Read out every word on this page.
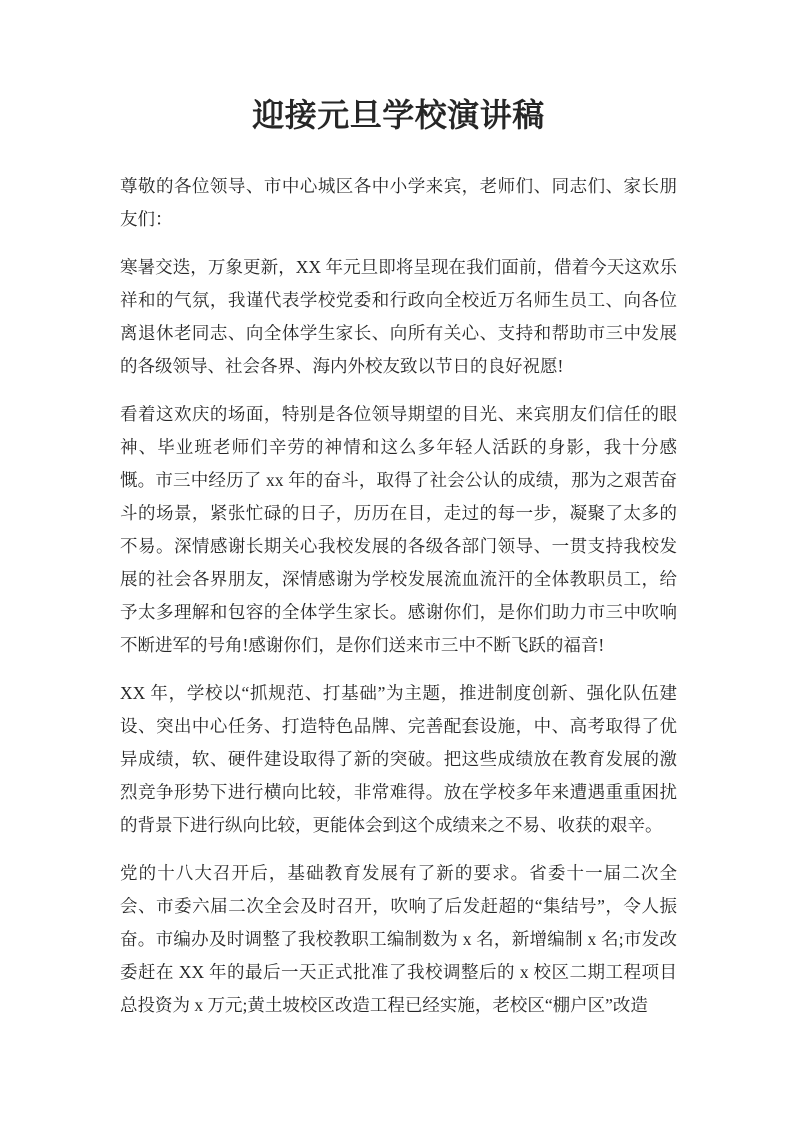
迎接元旦学校演讲稿

尊敬的各位领导、市中心城区各中小学来宾，老师们、同志们、家长朋友们：

寒暑交迭，万象更新，XX 年元旦即将呈现在我们面前，借着今天这欢乐祥和的气氛，我谨代表学校党委和行政向全校近万名师生员工、向各位离退休老同志、向全体学生家长、向所有关心、支持和帮助市三中发展的各级领导、社会各界、海内外校友致以节日的良好祝愿!

看着这欢庆的场面，特别是各位领导期望的目光、来宾朋友们信任的眼神、毕业班老师们辛劳的神情和这么多年轻人活跃的身影，我十分感慨。市三中经历了 xx 年的奋斗，取得了社会公认的成绩，那为之艰苦奋斗的场景，紧张忙碌的日子，历历在目，走过的每一步，凝聚了太多的不易。深情感谢长期关心我校发展的各级各部门领导、一贯支持我校发展的社会各界朋友，深情感谢为学校发展流血流汗的全体教职员工，给予太多理解和包容的全体学生家长。感谢你们，是你们助力市三中吹响不断进军的号角!感谢你们，是你们送来市三中不断飞跃的福音!

XX 年，学校以“抓规范、打基础”为主题，推进制度创新、强化队伍建设、突出中心任务、打造特色品牌、完善配套设施，中、高考取得了优异成绩，软、硬件建设取得了新的突破。把这些成绩放在教育发展的激烈竞争形势下进行横向比较，非常难得。放在学校多年来遭遇重重困扰的背景下进行纵向比较，更能体会到这个成绩来之不易、收获的艰辛。

党的十八大召开后，基础教育发展有了新的要求。省委十一届二次全会、市委六届二次全会及时召开，吹响了后发赶超的“集结号”，令人振奋。市编办及时调整了我校教职工编制数为 x 名，新增编制 x 名;市发改委赶在 XX 年的最后一天正式批准了我校调整后的 x 校区二期工程项目总投资为 x 万元;黄土坡校区改造工程已经实施，老校区“棚户区”改造
